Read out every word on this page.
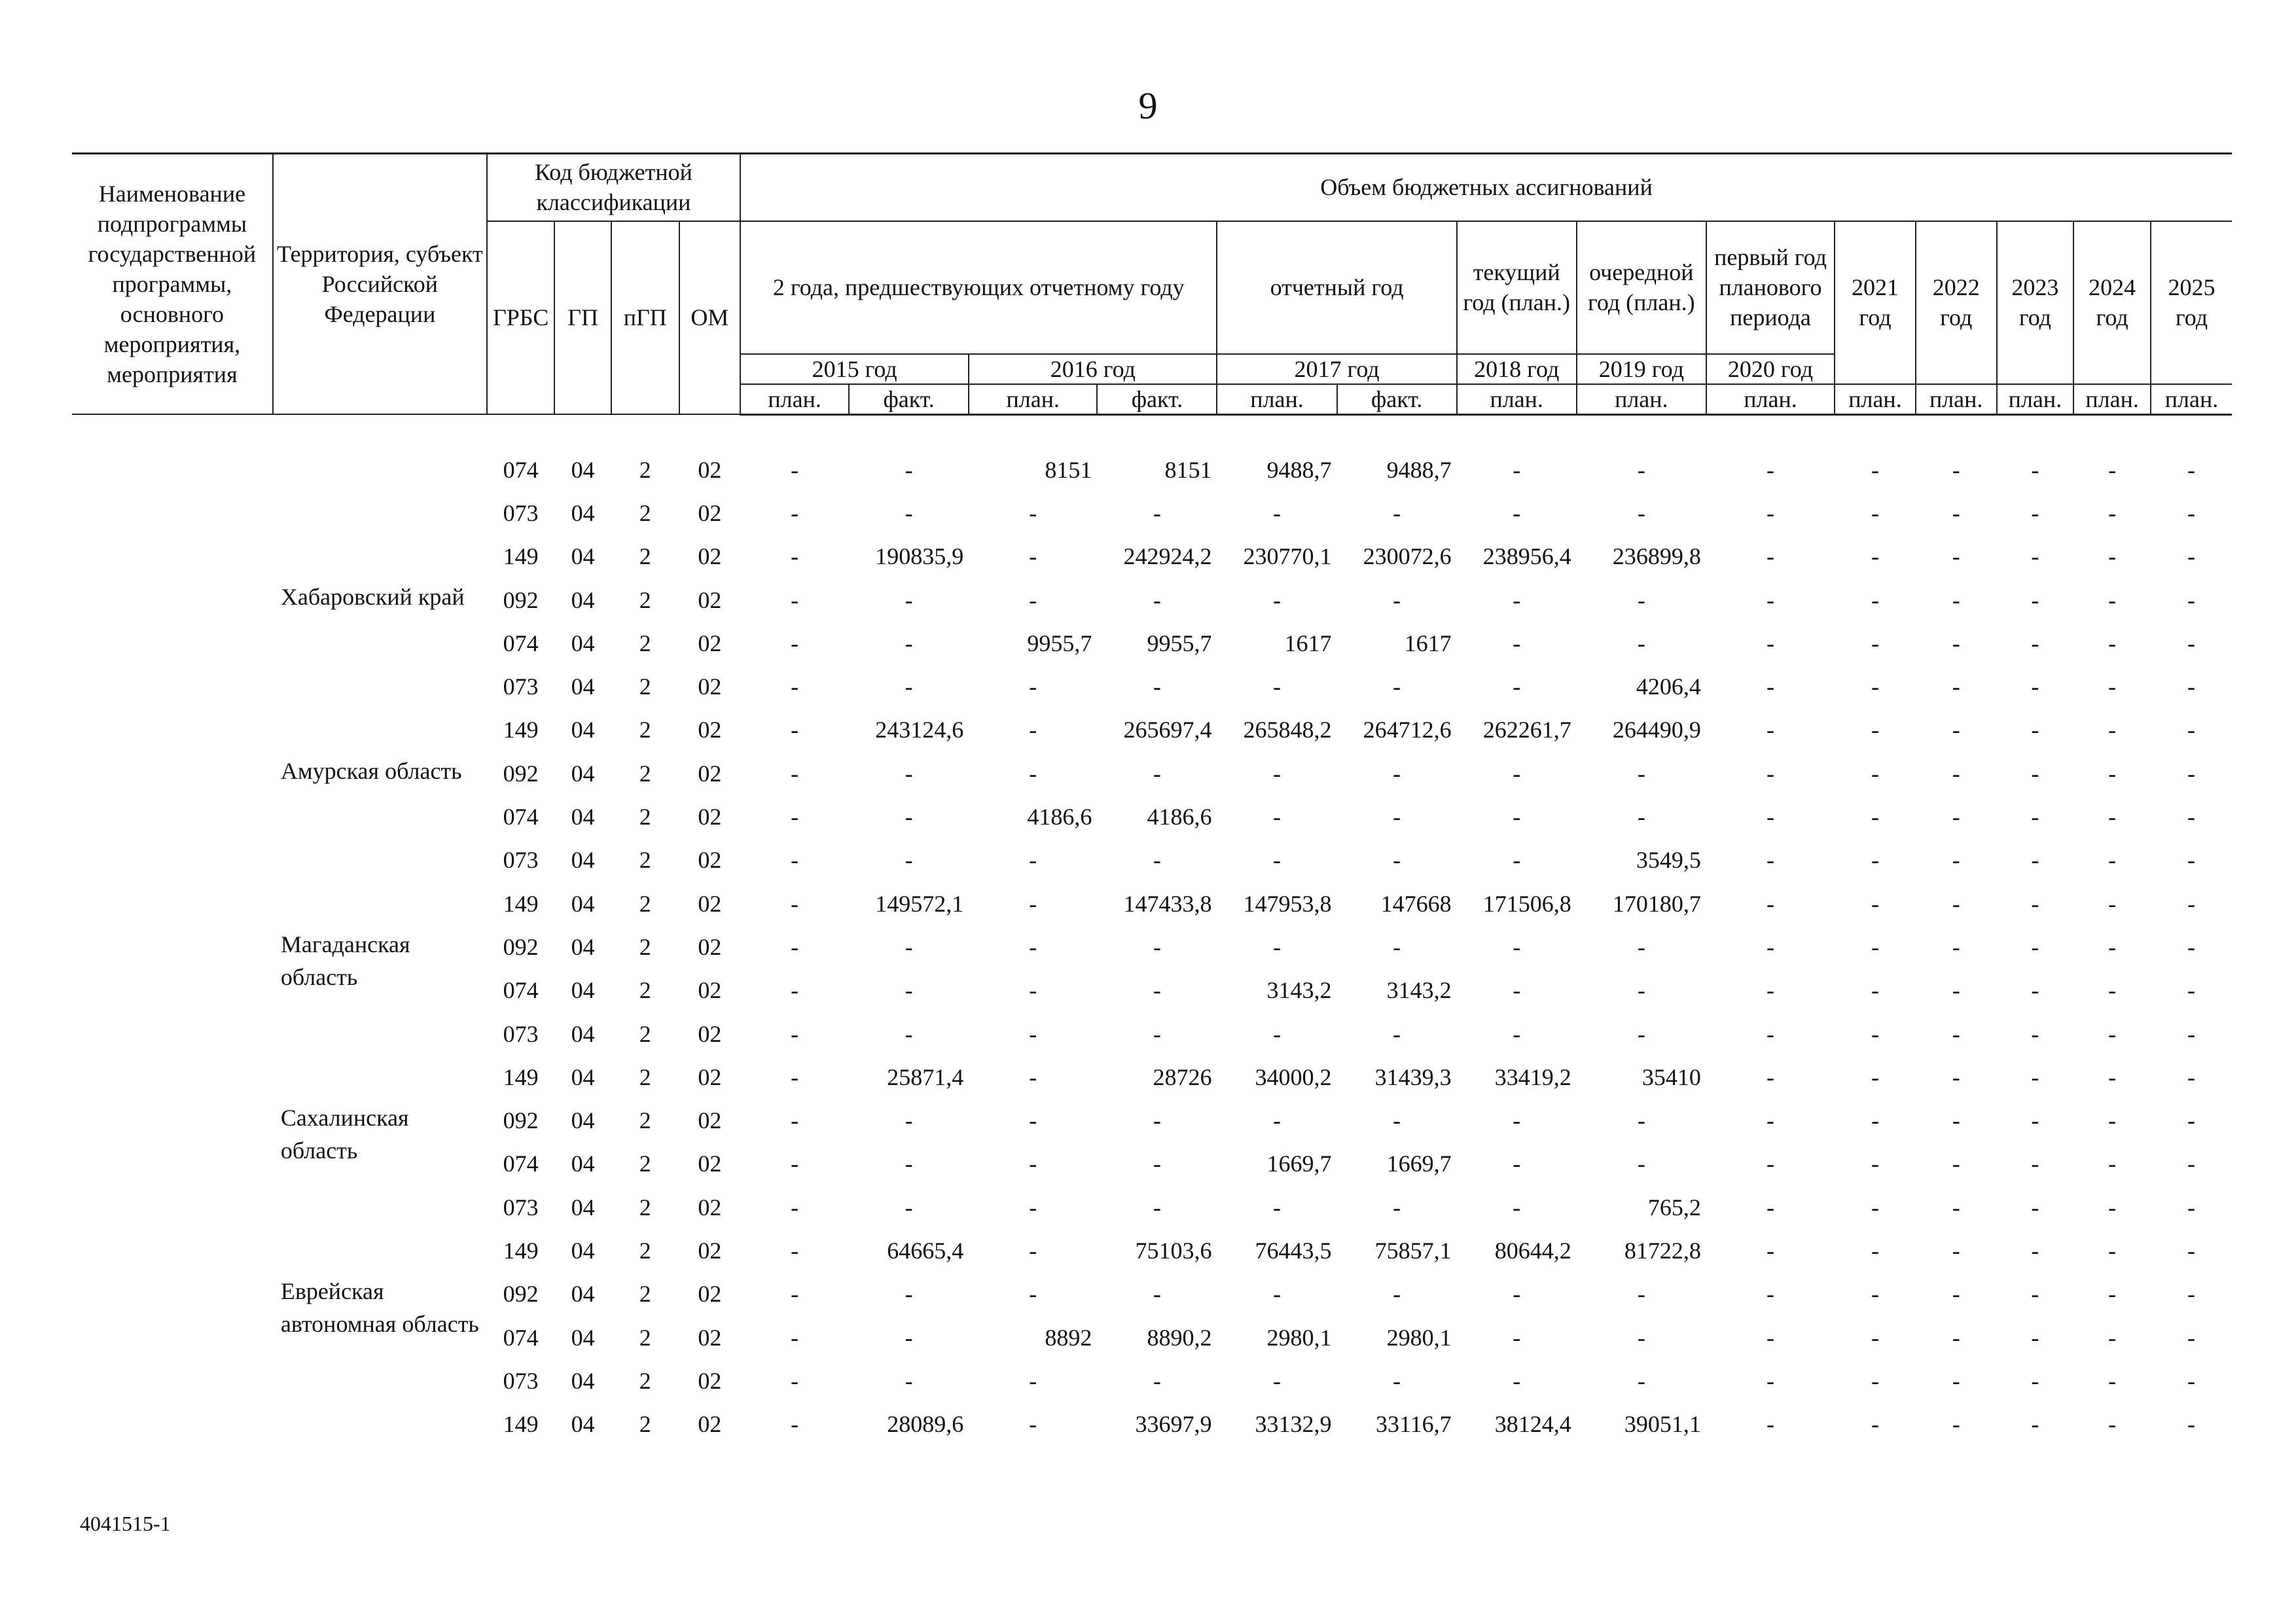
9
Наименование подпрограммы государственной программы, основного мероприятия, мероприятия	Территория, субъект Российской Федерации	Код бюджетной классификации				Объем бюджетных ассигнований													
		ГРБС	ГП	пГП	ОМ	2 года, предшествующих отчетному году				отчетный год		текущий год (план.)	очередной год (план.)	первый год планового периода	2021 год	2022 год	2023 год	2024 год	2025 год
						2015 год		2016 год		2017 год		2018 год	2019 год	2020 год					
						план.	факт.	план.	факт.	план.	факт.	план.	план.	план.	план.	план.	план.	план.	план.

		074	04	2	02	-	-	8151	8151	9488,7	9488,7	-	-	-	-	-	-	-	-
		073	04	2	02	-	-	-	-	-	-	-	-	-	-	-	-	-	-
		149	04	2	02	-	190835,9	-	242924,2	230770,1	230072,6	238956,4	236899,8	-	-	-	-	-	-
	Хабаровский край	092	04	2	02	-	-	-	-	-	-	-	-	-	-	-	-	-	-
		074	04	2	02	-	-	9955,7	9955,7	1617	1617	-	-	-	-	-	-	-	-
		073	04	2	02	-	-	-	-	-	-	-	4206,4	-	-	-	-	-	-
		149	04	2	02	-	243124,6	-	265697,4	265848,2	264712,6	262261,7	264490,9	-	-	-	-	-	-
	Амурская область	092	04	2	02	-	-	-	-	-	-	-	-	-	-	-	-	-	-
		074	04	2	02	-	-	4186,6	4186,6	-	-	-	-	-	-	-	-	-	-
		073	04	2	02	-	-	-	-	-	-	-	3549,5	-	-	-	-	-	-
		149	04	2	02	-	149572,1	-	147433,8	147953,8	147668	171506,8	170180,7	-	-	-	-	-	-
	Магаданская область	092	04	2	02	-	-	-	-	-	-	-	-	-	-	-	-	-	-
		074	04	2	02	-	-	-	-	3143,2	3143,2	-	-	-	-	-	-	-	-
		073	04	2	02	-	-	-	-	-	-	-	-	-	-	-	-	-	-
		149	04	2	02	-	25871,4	-	28726	34000,2	31439,3	33419,2	35410	-	-	-	-	-	-
	Сахалинская область	092	04	2	02	-	-	-	-	-	-	-	-	-	-	-	-	-	-
		074	04	2	02	-	-	-	-	1669,7	1669,7	-	-	-	-	-	-	-	-
		073	04	2	02	-	-	-	-	-	-	-	765,2	-	-	-	-	-	-
		149	04	2	02	-	64665,4	-	75103,6	76443,5	75857,1	80644,2	81722,8	-	-	-	-	-	-
	Еврейская автономная область	092	04	2	02	-	-	-	-	-	-	-	-	-	-	-	-	-	-
		074	04	2	02	-	-	8892	8890,2	2980,1	2980,1	-	-	-	-	-	-	-	-
		073	04	2	02	-	-	-	-	-	-	-	-	-	-	-	-	-	-
		149	04	2	02	-	28089,6	-	33697,9	33132,9	33116,7	38124,4	39051,1	-	-	-	-	-	-
4041515-1
